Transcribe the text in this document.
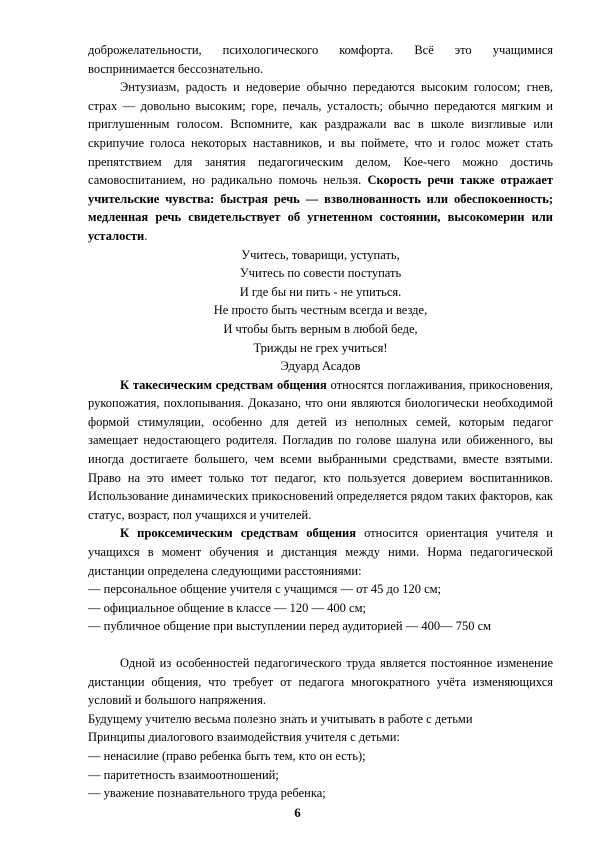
доброжелательности, психологического комфорта. Всё это учащимися воспринимается бессознательно.

Энтузиазм, радость и недоверие обычно передаются высоким голосом; гнев, страх — довольно высоким; горе, печаль, усталость; обычно передаются мягким и приглушенным голосом. Вспомните, как раздражали вас в школе визгливые или скрипучие голоса некоторых наставников, и вы поймете, что и голос может стать препятствием для занятия педагогическим делом, Кое-чего можно достичь самовоспитанием, но радикально помочь нельзя. Скорость речи также отражает учительские чувства: быстрая речь — взволнованность или обеспокоенность; медленная речь свидетельствует об угнетенном состоянии, высокомерии или усталости.

Учитесь, товарищи, уступать,
Учитесь по совести поступать
И где бы ни пить - не упиться.
Не просто быть честным всегда и везде,
И чтобы быть верным в любой беде,
Трижды не грех учиться!
Эдуард Асадов

К такесическим средствам общения относятся поглаживания, прикосновения, рукопожатия, похлопывания. Доказано, что они являются биологически необходимой формой стимуляции, особенно для детей из неполных семей, которым педагог замещает недостающего родителя. Погладив по голове шалуна или обиженного, вы иногда достигаете большего, чем всеми выбранными средствами, вместе взятыми. Право на это имеет только тот педагог, кто пользуется доверием воспитанников. Использование динамических прикосновений определяется рядом таких факторов, как статус, возраст, пол учащихся и учителей.

К проксемическим средствам общения относится ориентация учителя и учащихся в момент обучения и дистанция между ними. Норма педагогической дистанции определена следующими расстояниями:

— персональное общение учителя с учащимся — от 45 до 120 см;
— официальное общение в классе — 120 — 400 см;
— публичное общение при выступлении перед аудиторией — 400— 750 см

Одной из особенностей педагогического труда является постоянное изменение дистанции общения, что требует от педагога многократного учёта изменяющихся условий и большого напряжения.

Будущему учителю весьма полезно знать и учитывать в работе с детьми

Принципы диалогового взаимодействия учителя с детьми:

— ненасилие (право ребенка быть тем, кто он есть);
— паритетность взаимоотношений;
— уважение познавательного труда ребенка;
6
